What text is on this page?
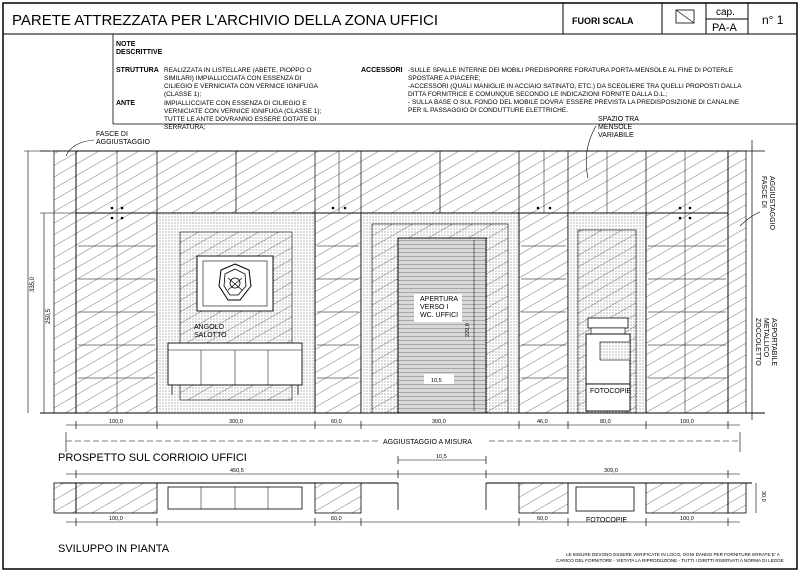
PARETE ATTREZZATA PER L'ARCHIVIO DELLA ZONA UFFICI	FUORI SCALA
cap.
PA-A
n° 1
NOTE
DESCRITTIVE
STRUTTURA REALIZZATA IN LISTELLARE (ABETE, PIOPPO O
SIMILARI) IMPIALLICCIATA CON ESSENZA DI
CILIEGIO E VERNICIATA CON VERNICE IGNIFUGA
(CLASSE 1);
ANTE	IMPIALLICCIATE CON ESSENZA DI CILIEGIO E
VERNICIATE CON VERNICE IGNIFUGA (CLASSE 1);
TUTTE LE ANTE DOVRANNO ESSERE DOTATE DI
SERRATURA;
ACCESSORI -SULLE SPALLE INTERNE DEI MOBILI PREDISPORRE FORATURA PORTA-MENSOLE AL FINE DI POTERLE
SPOSTARE A PIACERE;
-ACCESSORI (QUALI MANIGLIE IN ACCIAIO SATINATO, ETC.) DA SCEGLIERE TRA QUELLI PROPOSTI DALLA
DITTA FORNITRICE E COMUNQUE SECONDO LE INDICAZIONI FORNITE DALLA D.L.;
- SULLA BASE O SUL FONDO DEL MOBILE DOVRA' ESSERE PREVISTA LA PREDISPOSIZIONE DI CANALINE
PER IL PASSAGGIO DI CONDUTTURE ELETTRICHE.
ANGOLO
SALOTTO
APERTURA
VERSO I
WC. UFFICI
220,0
10,5
FOTOCOPIE
335,0
250,5
FASCE DI
AGGIUSTAGGIO
SPAZIO TRA
MENSOLE
VARIABILE
FASCE DI AGGIUSTAGGIO
ZOCCOLETTO METALLICO ASPORTABILE
100,0	300,0	60,0	300,0	46,0	80,0	100,0
AGGIUSTAGGIO A MISURA
PROSPETTO SUL CORRIOIO UFFICI	10,5
450,5	309,0
FOTOCOPIE
30,0
100,0	60,0	60,0	100,0
SVILUPPO IN PIANTA	LE MISURE DEVONO ESSERE VERIFICATE IN LOCO, OGNI DANNO PER FORNITURE ERRATE E' A
CARICO DEL FORNITORE - VIETATA LA RIPRODUZIONE - TUTTI I DIRITTI RISERVATI A NORMA DI LEGGE
